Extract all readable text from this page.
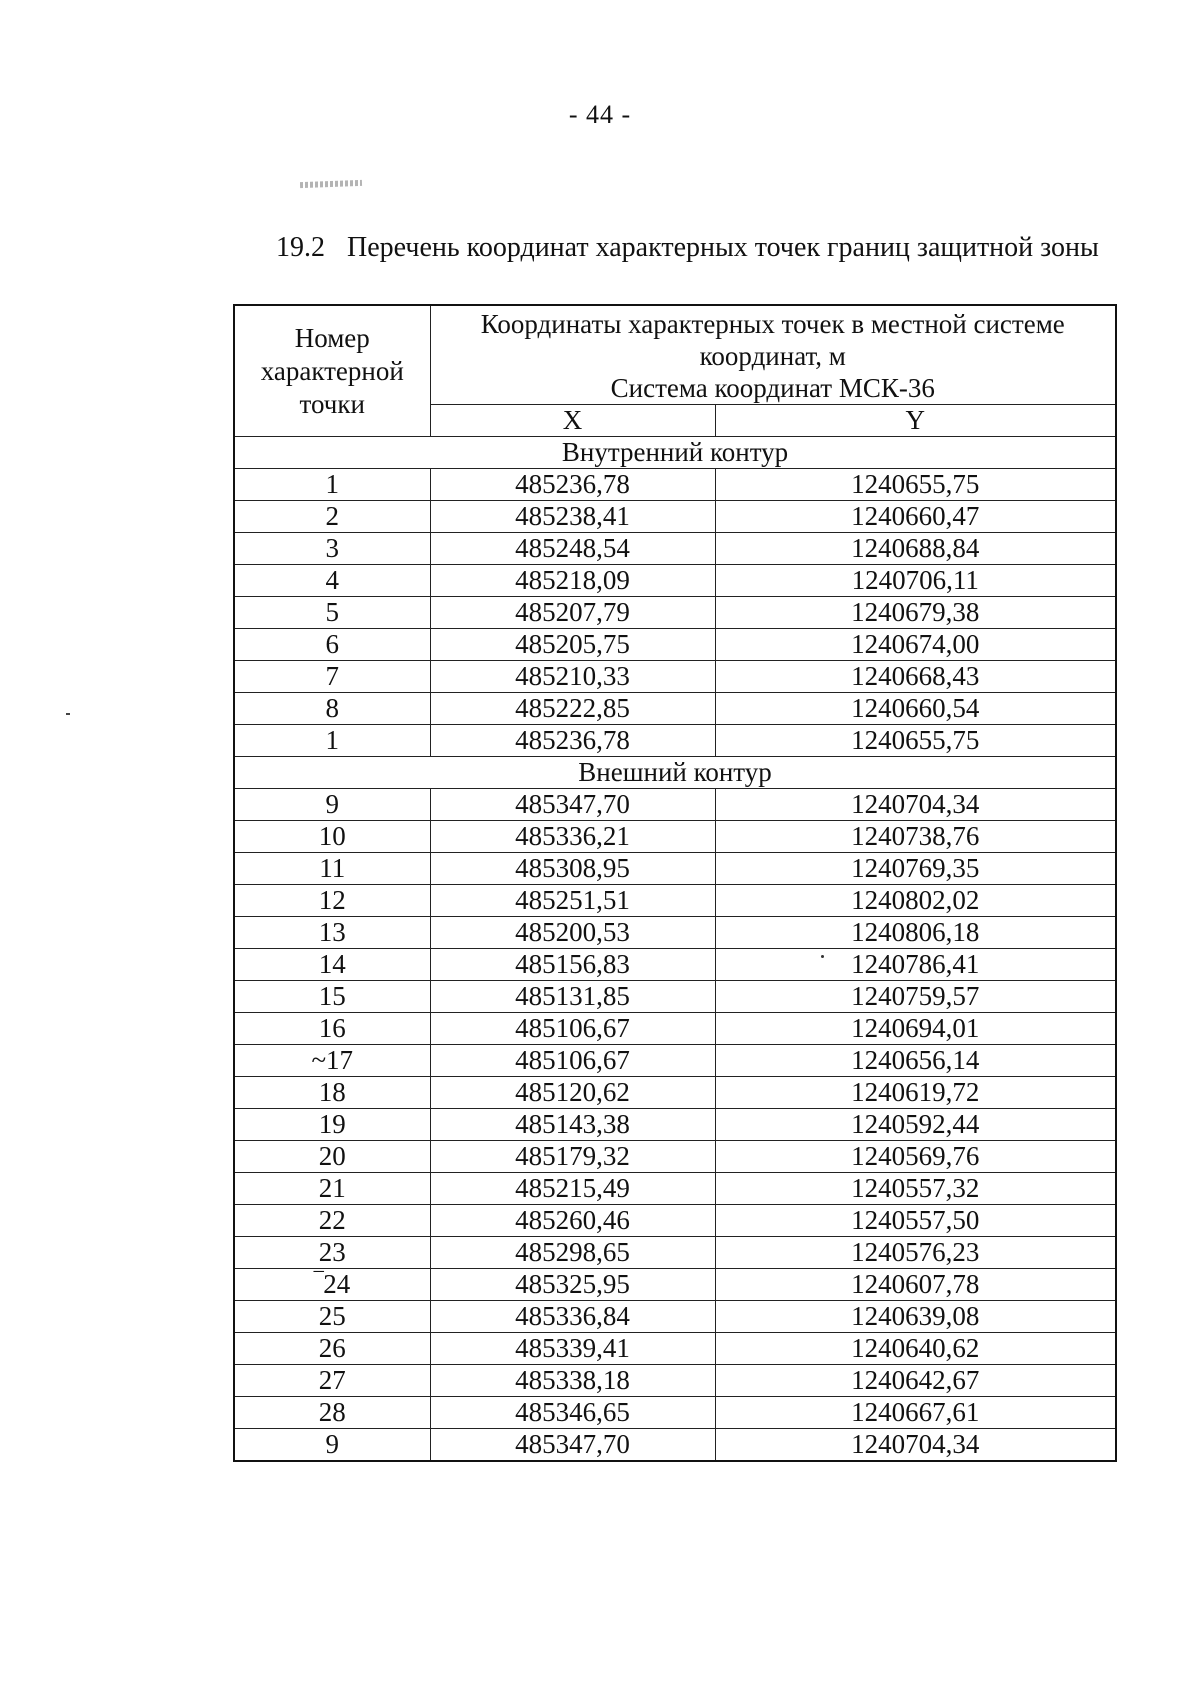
- 44 -
19.2 Перечень координат характерных точек границ защитной зоны
Номер характерной точки	Координаты характерных точек в местной системе
координат, м
Система координат МСК-36	

	X	Y
Внутренний контур		
1	485236,78	1240655,75
2	485238,41	1240660,47
3	485248,54	1240688,84
4	485218,09	1240706,11
5	485207,79	1240679,38
6	485205,75	1240674,00
7	485210,33	1240668,43
8	485222,85	1240660,54
1	485236,78	1240655,75
Внешний контур		
9	485347,70	1240704,34
10	485336,21	1240738,76
11	485308,95	1240769,35
12	485251,51	1240802,02
13	485200,53	1240806,18
14	485156,83	1240786,41
15	485131,85	1240759,57
16	485106,67	1240694,01
~17	485106,67	1240656,14
18	485120,62	1240619,72
19	485143,38	1240592,44
20	485179,32	1240569,76
21	485215,49	1240557,32
22	485260,46	1240557,50
23	485298,65	1240576,23
‾24	485325,95	1240607,78
25	485336,84	1240639,08
26	485339,41	1240640,62
27	485338,18	1240642,67
28	485346,65	1240667,61
9	485347,70	1240704,34
